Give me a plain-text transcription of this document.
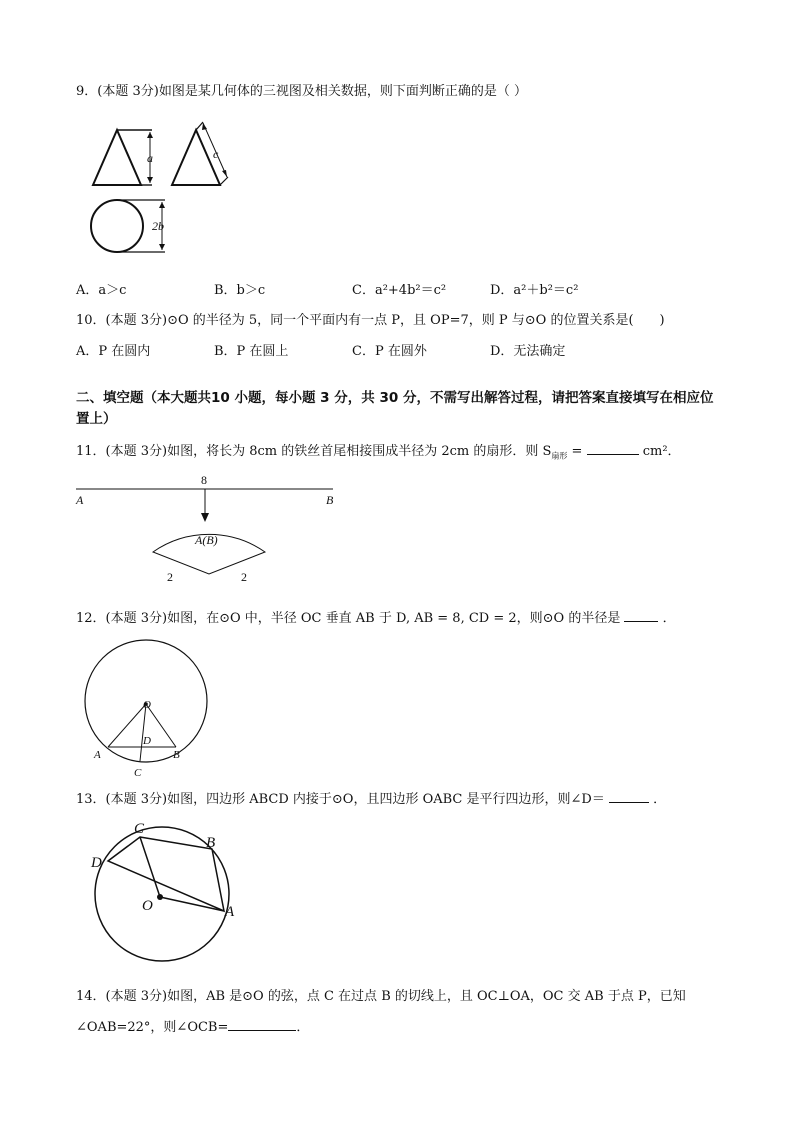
9．(本题 3分)如图是某几何体的三视图及相关数据，则下面判断正确的是（ ）
a	c
2b
A．a＞c	B．b＞c	C．a²+4b²＝c²	D．a²＋b²＝c²
10．(本题 3分)⊙O 的半径为 5，同一个平面内有一点 P，且 OP=7，则 P 与⊙O 的位置关系是(　　)
A．P 在圆内	B．P 在圆上	C．P 在圆外	D．无法确定
二、填空题（本大题共10 小题，每小题 3 分，共 30 分，不需写出解答过程，请把答案直接填写在相应位
置上）
11．(本题 3分)如图，将长为 8cm 的铁丝首尾相接围成半径为 2cm 的扇形．则 $S_{扇形}$ =	cm²．
8
A	B
A(B)
2	2
12．(本题 3分)如图，在⊙O 中，半径 OC 垂直 AB 于 D, AB = 8, CD = 2，则⊙O 的半径是	．
O
D
A	B
C
13．(本题 3分)如图，四边形 ABCD 内接于⊙O，且四边形 OABC 是平行四边形，则∠D＝	．
C
B
D
O	A
14．(本题 3分)如图，AB 是⊙O 的弦，点 C 在过点 B 的切线上，且 OC⊥OA，OC 交 AB 于点 P，已知
∠OAB=22°，则∠OCB=	．
